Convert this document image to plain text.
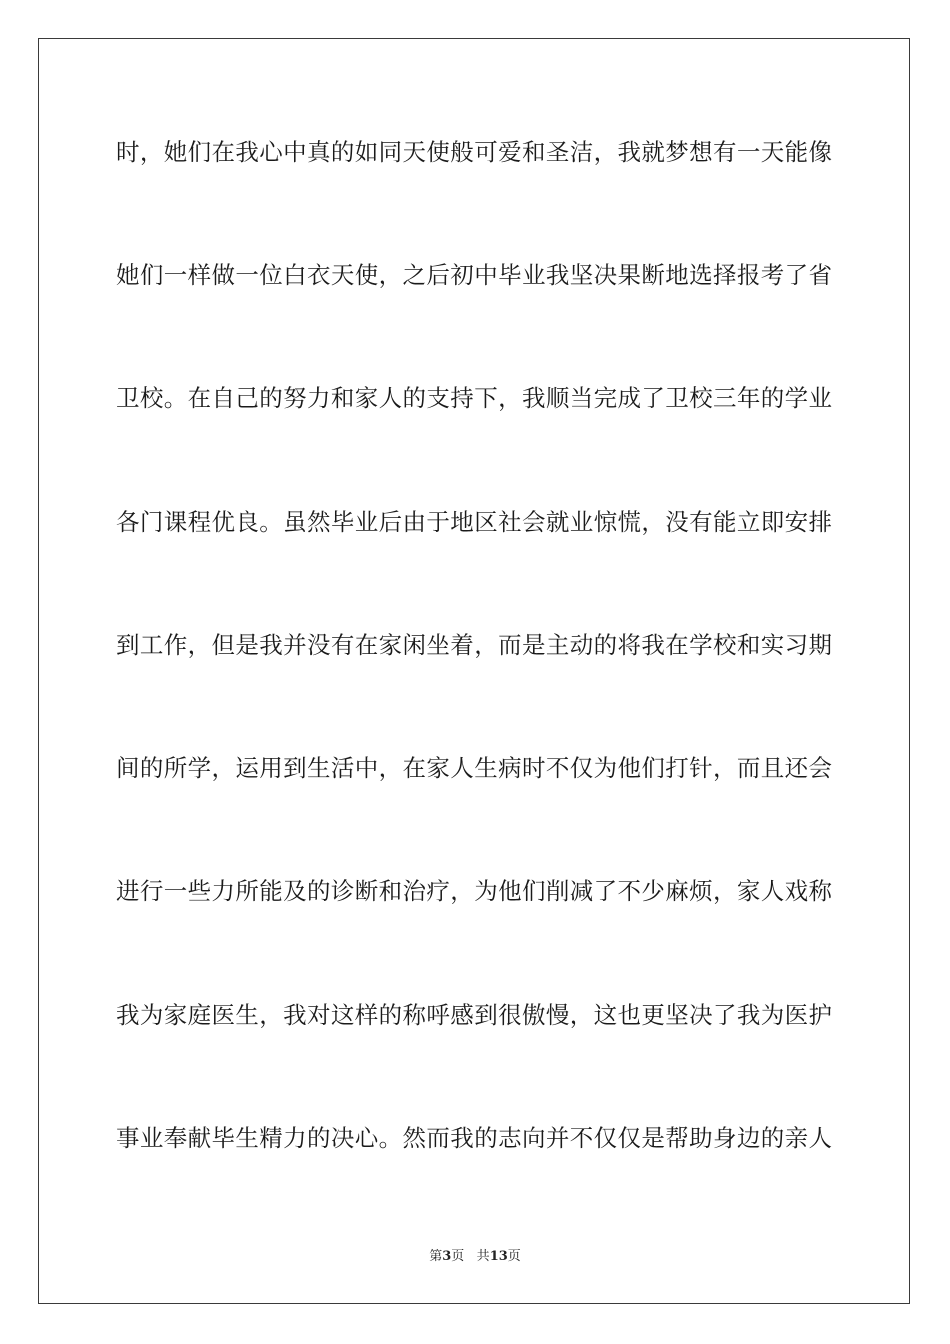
时，她们在我心中真的如同天使般可爱和圣洁，我就梦想有一天能像
她们一样做一位白衣天使，之后初中毕业我坚决果断地选择报考了省
卫校。在自己的努力和家人的支持下，我顺当完成了卫校三年的学业
各门课程优良。虽然毕业后由于地区社会就业惊慌，没有能立即安排
到工作，但是我并没有在家闲坐着，而是主动的将我在学校和实习期
间的所学，运用到生活中，在家人生病时不仅为他们打针，而且还会
进行一些力所能及的诊断和治疗，为他们削减了不少麻烦，家人戏称
我为家庭医生，我对这样的称呼感到很傲慢，这也更坚决了我为医护
事业奉献毕生精力的决心。然而我的志向并不仅仅是帮助身边的亲人
第3页 共13页
